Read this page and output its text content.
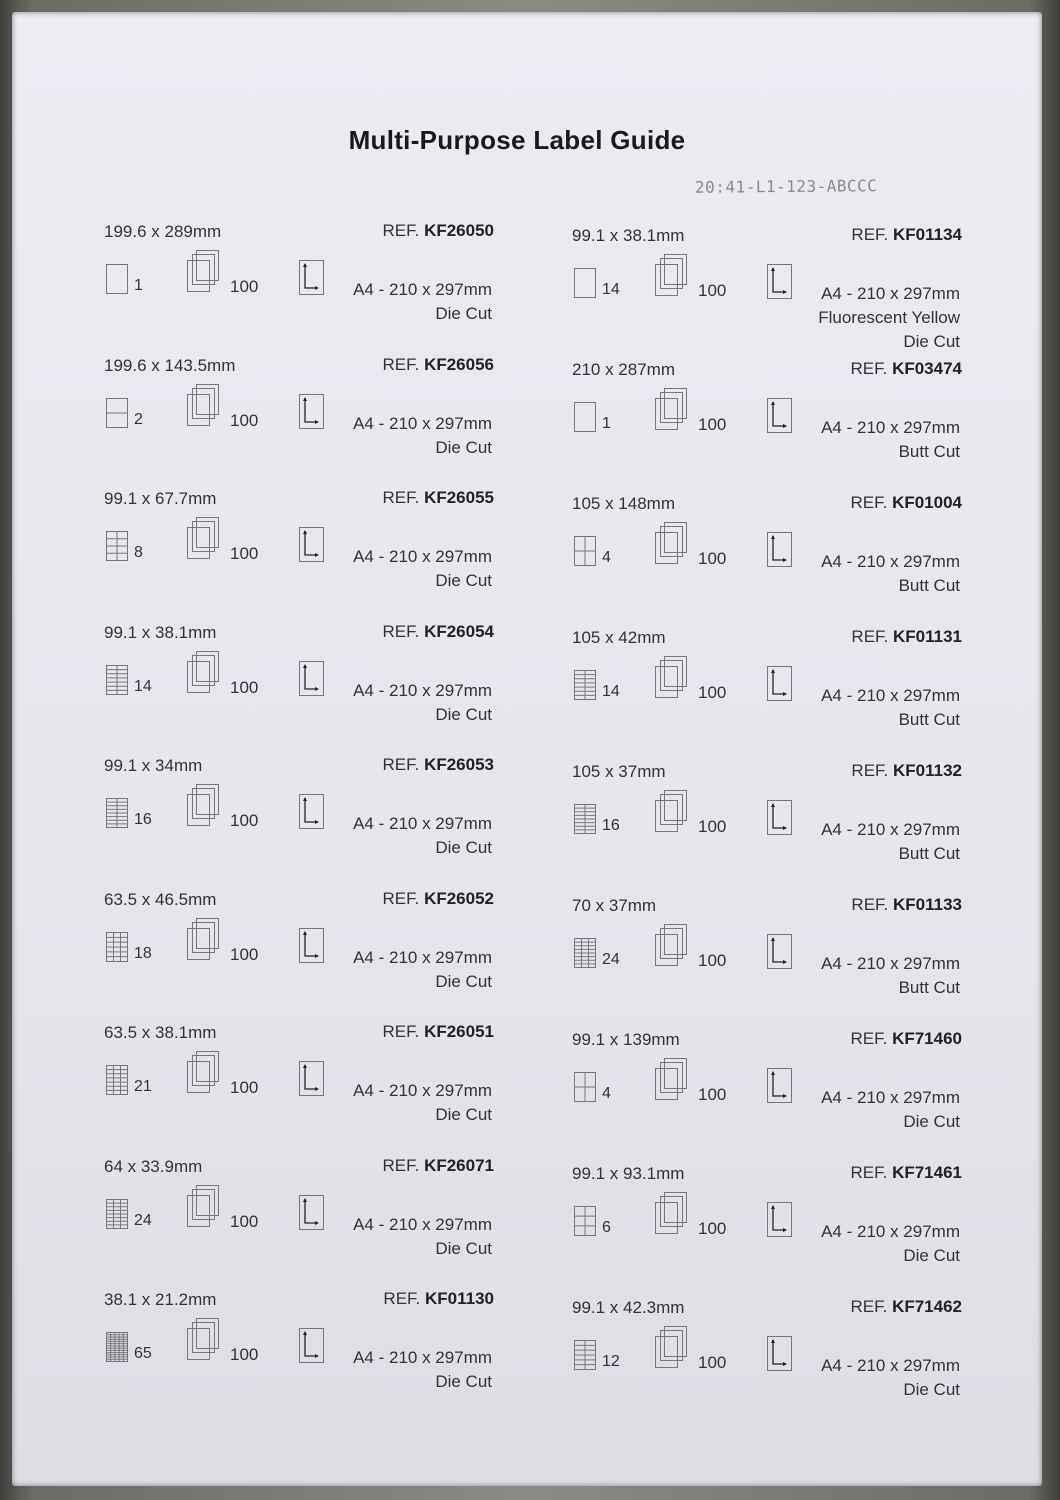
Multi-Purpose Label Guide
20:41-L1-123-ABCCC
199.6 x 289mm	REF. KF26050
1	100	A4 - 210 x 297mm
Die Cut
199.6 x 143.5mm	REF. KF26056
2	100	A4 - 210 x 297mm
Die Cut
99.1 x 67.7mm	REF. KF26055
8	100	A4 - 210 x 297mm
Die Cut
99.1 x 38.1mm	REF. KF26054
14	100	A4 - 210 x 297mm
Die Cut
99.1 x 34mm	REF. KF26053
16	100	A4 - 210 x 297mm
Die Cut
63.5 x 46.5mm	REF. KF26052
18	100	A4 - 210 x 297mm
Die Cut
63.5 x 38.1mm	REF. KF26051
21	100	A4 - 210 x 297mm
Die Cut
64 x 33.9mm	REF. KF26071
24	100	A4 - 210 x 297mm
Die Cut
38.1 x 21.2mm	REF. KF01130
65	100	A4 - 210 x 297mm
Die Cut
99.1 x 38.1mm	REF. KF01134
14	100	A4 - 210 x 297mm
Fluorescent Yellow
Die Cut
210 x 287mm	REF. KF03474
1	100	A4 - 210 x 297mm
Butt Cut
105 x 148mm	REF. KF01004
4	100	A4 - 210 x 297mm
Butt Cut
105 x 42mm	REF. KF01131
14	100	A4 - 210 x 297mm
Butt Cut
105 x 37mm	REF. KF01132
16	100	A4 - 210 x 297mm
Butt Cut
70 x 37mm	REF. KF01133
24	100	A4 - 210 x 297mm
Butt Cut
99.1 x 139mm	REF. KF71460
4	100	A4 - 210 x 297mm
Die Cut
99.1 x 93.1mm	REF. KF71461
6	100	A4 - 210 x 297mm
Die Cut
99.1 x 42.3mm	REF. KF71462
12	100	A4 - 210 x 297mm
Die Cut
